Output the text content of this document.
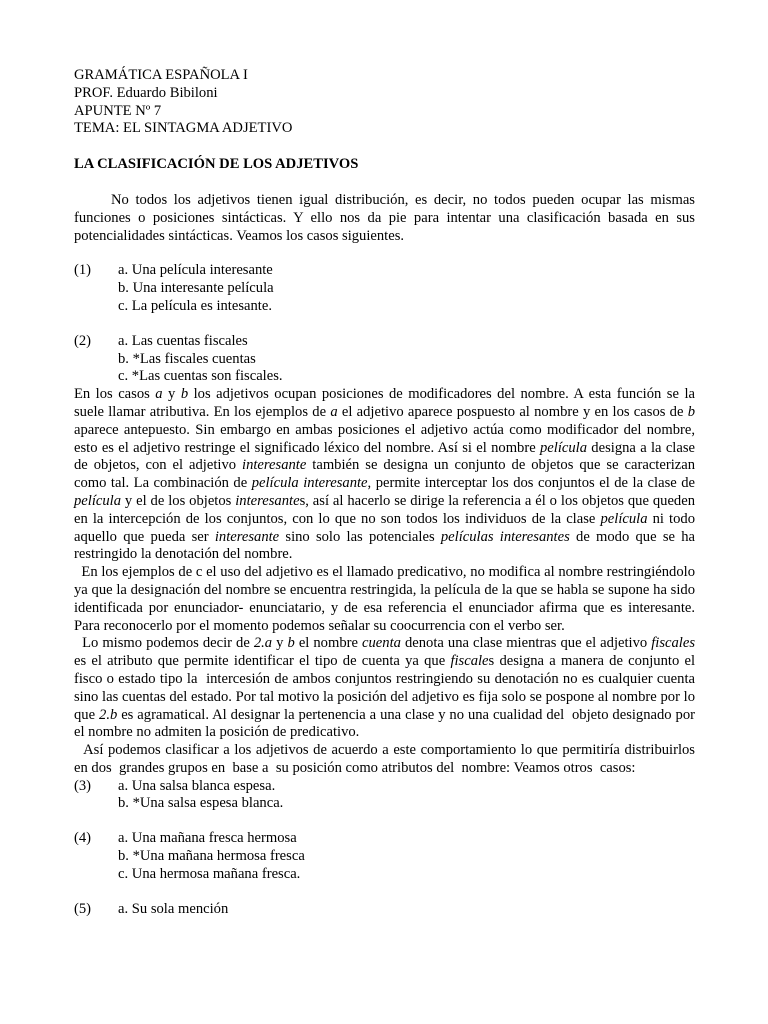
GRAMÁTICA ESPAÑOLA I
PROF. Eduardo Bibiloni
APUNTE Nº 7
TEMA: EL SINTAGMA ADJETIVO
LA CLASIFICACIÓN DE LOS ADJETIVOS

No todos los adjetivos tienen igual distribución, es decir, no todos pueden ocupar las mismas funciones o posiciones sintácticas. Y ello nos da pie para intentar una clasificación basada en sus potencialidades sintácticas. Veamos los casos siguientes.

(1)	a. Una película interesante
b. Una interesante película
c. La película es intesante.
(2)	a. Las cuentas fiscales
b. *Las fiscales cuentas
c. *Las cuentas son fiscales.

En los casos a y b los adjetivos ocupan posiciones de modificadores del nombre. A esta función se la suele llamar atributiva. En los ejemplos de a el adjetivo aparece pospuesto al nombre y en los casos de b aparece antepuesto. Sin embargo en ambas posiciones el adjetivo actúa como modificador del nombre, esto es el adjetivo restringe el significado léxico del nombre. Así si el nombre película designa a la clase de objetos, con el adjetivo interesante también se designa un conjunto de objetos que se caracterizan como tal. La combinación de película interesante, permite interceptar los dos conjuntos el de la clase de película y el de los objetos interesantes, así al hacerlo se dirige la referencia a él o los objetos que queden en la intercepción de los conjuntos, con lo que no son todos los individuos de la clase película ni todo aquello que pueda ser interesante sino solo las potenciales películas interesantes de modo que se ha restringido la denotación del nombre.

En los ejemplos de c el uso del adjetivo es el llamado predicativo, no modifica al nombre restringiéndolo ya que la designación del nombre se encuentra restringida, la película de la que se habla se supone ha sido identificada por enunciador- enunciatario, y de esa referencia el enunciador afirma que es interesante. Para reconocerlo por el momento podemos señalar su coocurrencia con el verbo ser.

Lo mismo podemos decir de 2.a y b el nombre cuenta denota una clase mientras que el adjetivo fiscales es el atributo que permite identificar el tipo de cuenta ya que fiscales designa a manera de conjunto el fisco o estado tipo la  intercesión de ambos conjuntos restringiendo su denotación no es cualquier cuenta sino las cuentas del estado. Por tal motivo la posición del adjetivo es fija solo se pospone al nombre por lo que 2.b es agramatical. Al designar la pertenencia a una clase y no una cualidad del  objeto designado por el nombre no admiten la posición de predicativo.

Así podemos clasificar a los adjetivos de acuerdo a este comportamiento lo que permitiría distribuirlos en dos  grandes grupos en  base a  su posición como atributos del  nombre: Veamos otros  casos:

(3)	a. Una salsa blanca espesa.
b. *Una salsa espesa blanca.
(4)	a. Una mañana fresca hermosa
b. *Una mañana hermosa fresca
c. Una hermosa mañana fresca.
(5)	a. Su sola mención
